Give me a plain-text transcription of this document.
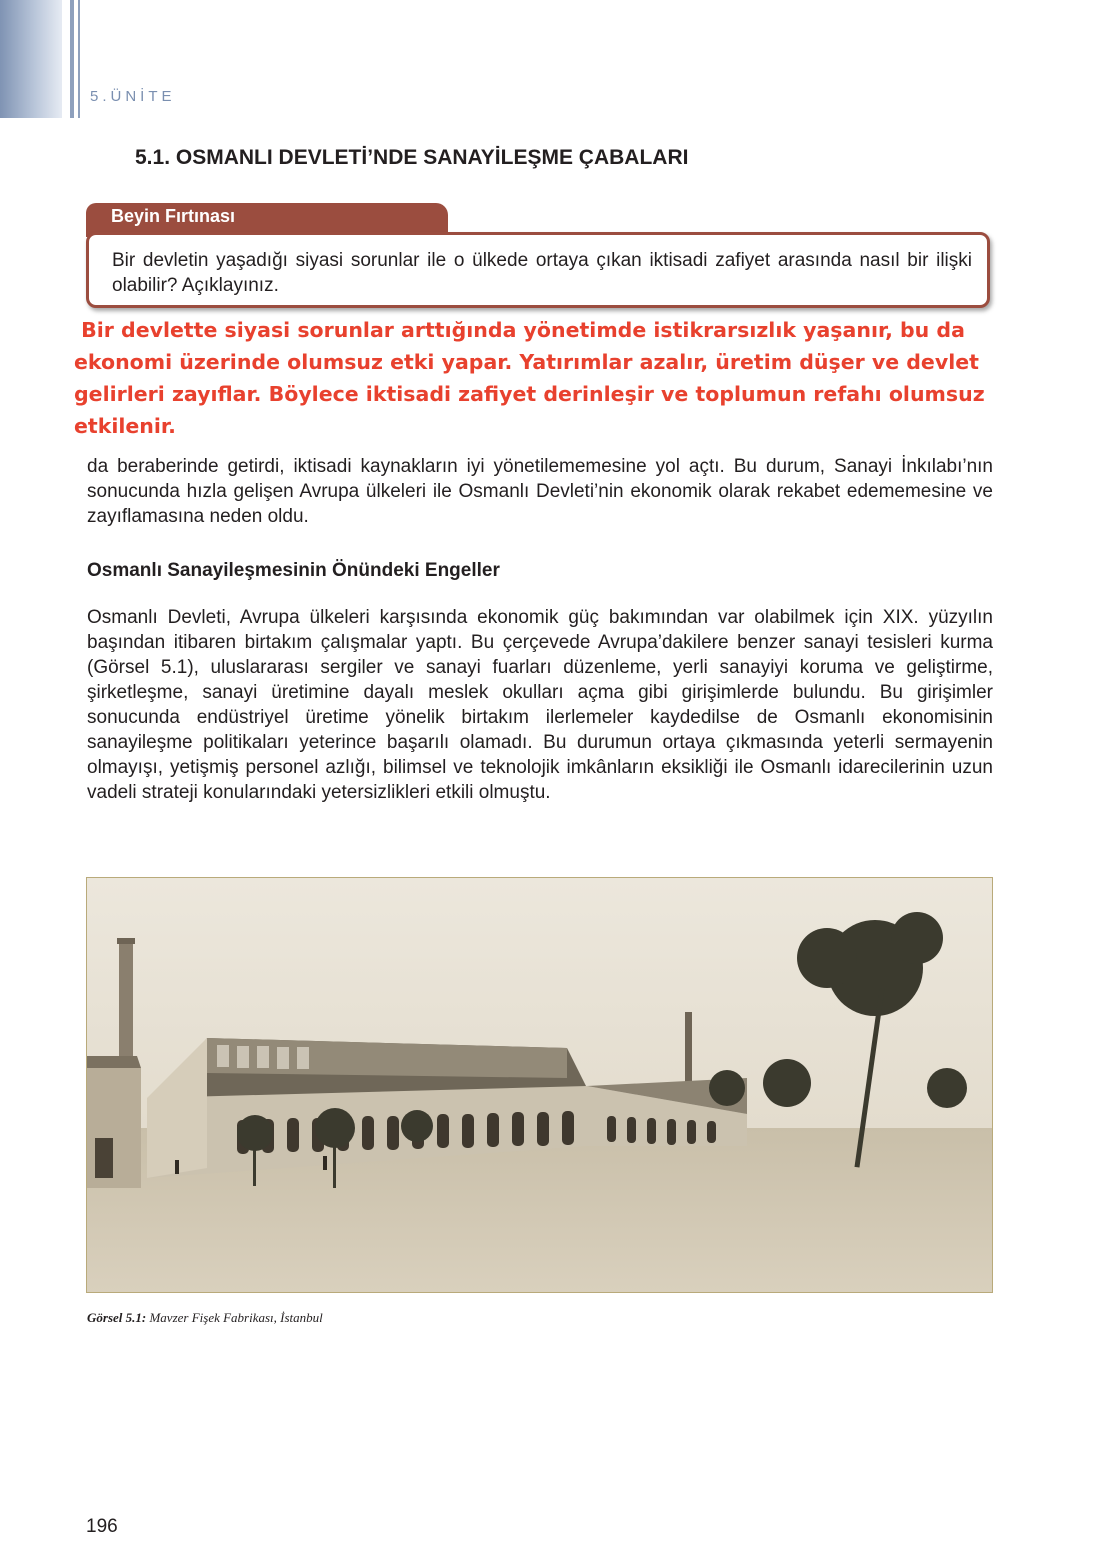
5.ÜNİTE
5.1. OSMANLI DEVLETİ’NDE SANAYİLEŞME ÇABALARI
Beyin Fırtınası
Bir devletin yaşadığı siyasi sorunlar ile o ülkede ortaya çıkan iktisadi zafiyet arasında nasıl bir ilişki olabilir? Açıklayınız.
Bir devlette siyasi sorunlar arttığında yönetimde istikrarsızlık yaşanır, bu da
ekonomi üzerinde olumsuz etki yapar. Yatırımlar azalır, üretim düşer ve devlet
gelirleri zayıflar. Böylece iktisadi zafiyet derinleşir ve toplumun refahı olumsuz
etkilenir.
da beraberinde getirdi, iktisadi kaynakların iyi yönetilememesine yol açtı. Bu durum, Sanayi İnkılabı’nın sonucunda hızla gelişen Avrupa ülkeleri ile Osmanlı Devleti’nin ekonomik olarak rekabet edememesine ve zayıflamasına neden oldu.
Osmanlı Sanayileşmesinin Önündeki Engeller
Osmanlı Devleti, Avrupa ülkeleri karşısında ekonomik güç bakımından var olabilmek için XIX. yüzyılın başından itibaren birtakım çalışmalar yaptı. Bu çerçevede Avrupa’dakilere benzer sanayi tesisleri kurma (Görsel 5.1), uluslararası sergiler ve sanayi fuarları düzenleme, yerli sanayiyi koruma ve geliştirme, şirketleşme, sanayi üretimine dayalı meslek okulları açma gibi girişimlerde bulundu. Bu girişimler sonucunda endüstriyel üretime yönelik birtakım ilerlemeler kaydedilse de Osmanlı ekonomisinin sanayileşme politikaları yeterince başarılı olamadı. Bu durumun ortaya çıkmasında yeterli sermayenin olmayışı, yetişmiş personel azlığı, bilimsel ve teknolojik imkânların eksikliği ile Osmanlı idarecilerinin uzun vadeli strateji konularındaki yetersizlikleri etkili olmuştu.
Görsel 5.1: Mavzer Fişek Fabrikası, İstanbul
196
